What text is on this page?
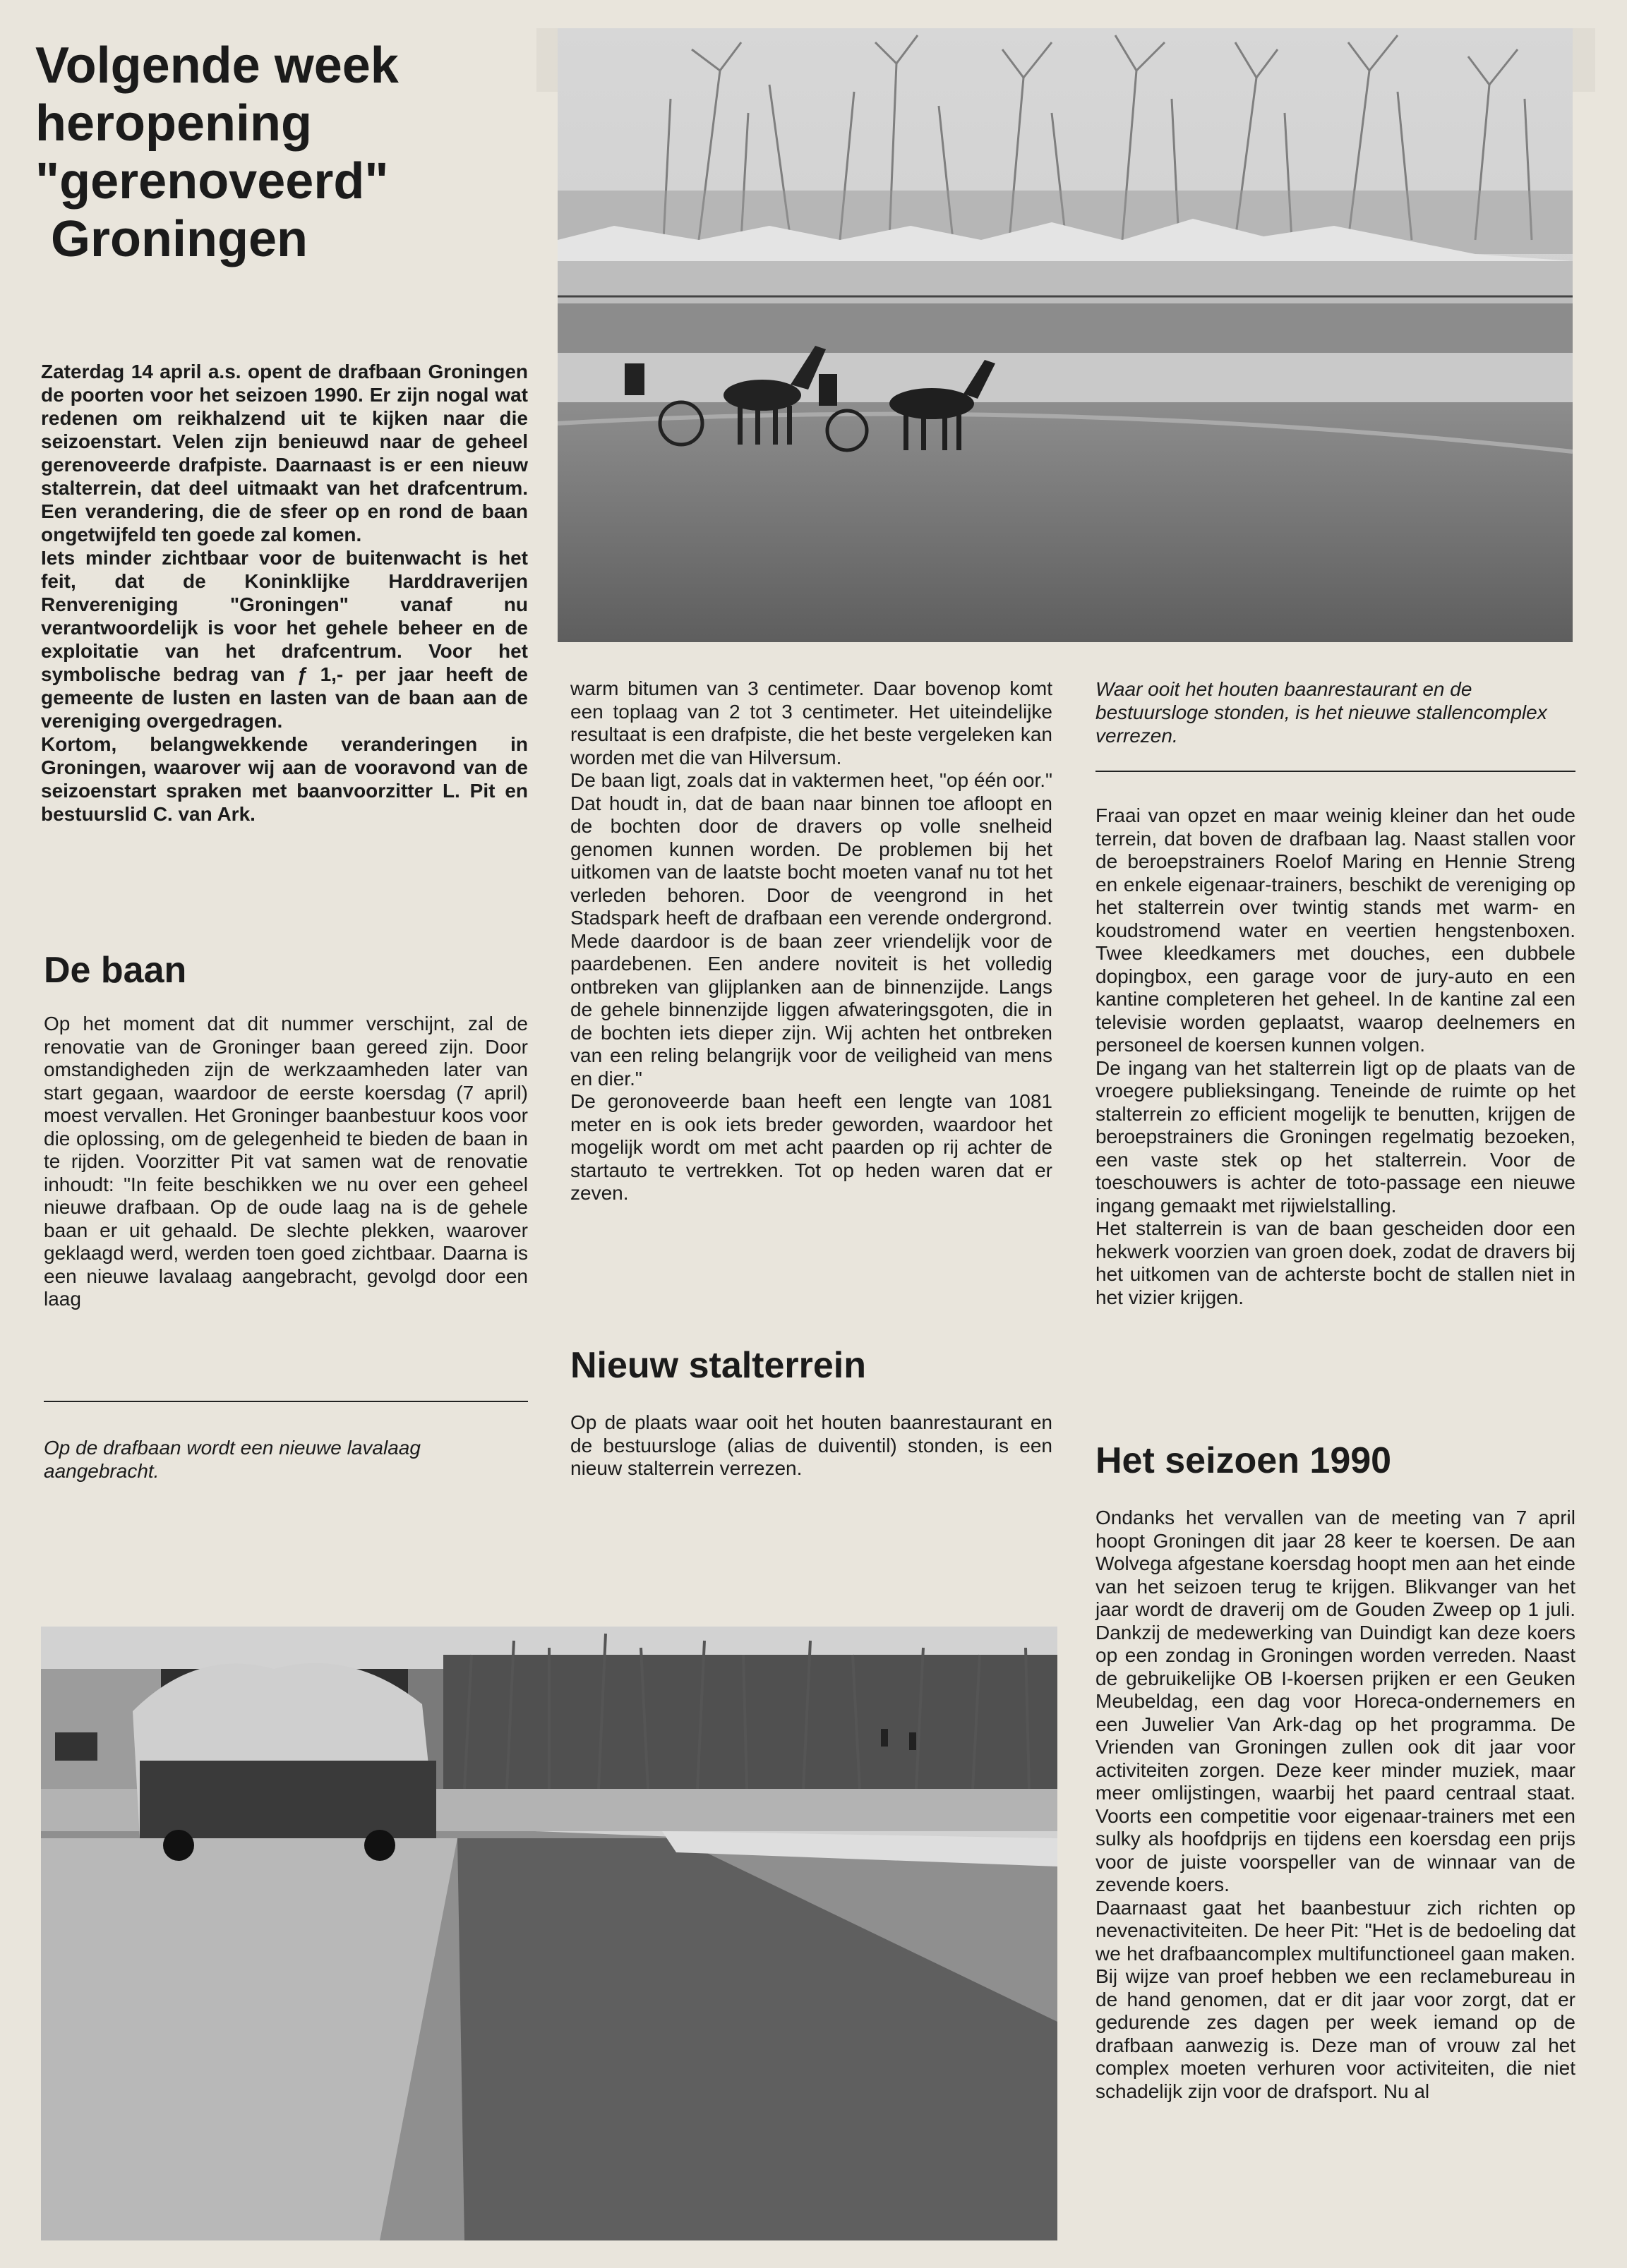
Volgende week
heropening
"gerenoveerd"
Groningen
Waar ooit het houten baanrestaurant en de bestuursloge stonden, is het nieuwe stallencomplex verrezen.

Zaterdag 14 april a.s. opent de drafbaan Groningen de poorten voor het seizoen 1990. Er zijn nogal wat redenen om reikhalzend uit te kijken naar die seizoenstart. Velen zijn benieuwd naar de geheel gerenoveerde drafpiste. Daarnaast is er een nieuw stalterrein, dat deel uitmaakt van het drafcentrum. Een verandering, die de sfeer op en rond de baan ongetwijfeld ten goede zal komen.

Iets minder zichtbaar voor de buitenwacht is het feit, dat de Koninklijke Harddraverijen Renvereniging "Groningen" vanaf nu verantwoordelijk is voor het gehele beheer en de exploitatie van het drafcentrum. Voor het symbolische bedrag van ƒ 1,- per jaar heeft de gemeente de lusten en lasten van de baan aan de vereniging overgedragen.

Kortom, belangwekkende veranderingen in Groningen, waarover wij aan de vooravond van de seizoenstart spraken met baanvoorzitter L. Pit en bestuurslid C. van Ark.

De baan

Op het moment dat dit nummer verschijnt, zal de renovatie van de Groninger baan gereed zijn. Door omstandigheden zijn de werkzaamheden later van start gegaan, waardoor de eerste koersdag (7 april) moest vervallen. Het Groninger baanbestuur koos voor die oplossing, om de gelegenheid te bieden de baan in te rijden. Voorzitter Pit vat samen wat de renovatie inhoudt: "In feite beschikken we nu over een geheel nieuwe drafbaan. Op de oude laag na is de gehele baan er uit gehaald. De slechte plekken, waarover geklaagd werd, werden toen goed zichtbaar. Daarna is een nieuwe lavalaag aangebracht, gevolgd door een laag

Op de drafbaan wordt een nieuwe lavalaag aangebracht.

warm bitumen van 3 centimeter. Daar bovenop komt een toplaag van 2 tot 3 centimeter. Het uiteindelijke resultaat is een drafpiste, die het beste vergeleken kan worden met die van Hilversum.

De baan ligt, zoals dat in vaktermen heet, "op één oor." Dat houdt in, dat de baan naar binnen toe afloopt en de bochten door de dravers op volle snelheid genomen kunnen worden. De problemen bij het uitkomen van de laatste bocht moeten vanaf nu tot het verleden behoren. Door de veengrond in het Stadspark heeft de drafbaan een verende ondergrond. Mede daardoor is de baan zeer vriendelijk voor de paardebenen. Een andere noviteit is het volledig ontbreken van glijplanken aan de binnenzijde. Langs de gehele binnenzijde liggen afwateringsgoten, die in de bochten iets dieper zijn. Wij achten het ontbreken van een reling belangrijk voor de veiligheid van mens en dier."

De geronoveerde baan heeft een lengte van 1081 meter en is ook iets breder geworden, waardoor het mogelijk wordt om met acht paarden op rij achter de startauto te vertrekken. Tot op heden waren dat er zeven.

Nieuw stalterrein

Op de plaats waar ooit het houten baanrestaurant en de bestuursloge (alias de duiventil) stonden, is een nieuw stalterrein verrezen.

Fraai van opzet en maar weinig kleiner dan het oude terrein, dat boven de drafbaan lag. Naast stallen voor de beroepstrainers Roelof Maring en Hennie Streng en enkele eigenaar-trainers, beschikt de vereniging op het stalterrein over twintig stands met warm- en koudstromend water en veertien hengstenboxen. Twee kleedkamers met douches, een dubbele dopingbox, een garage voor de jury-auto en een kantine completeren het geheel. In de kantine zal een televisie worden geplaatst, waarop deelnemers en personeel de koersen kunnen volgen.

De ingang van het stalterrein ligt op de plaats van de vroegere publieksingang. Teneinde de ruimte op het stalterrein zo efficient mogelijk te benutten, krijgen de beroepstrainers die Groningen regelmatig bezoeken, een vaste stek op het stalterrein. Voor de toeschouwers is achter de toto-passage een nieuwe ingang gemaakt met rijwielstalling.

Het stalterrein is van de baan gescheiden door een hekwerk voorzien van groen doek, zodat de dravers bij het uitkomen van de achterste bocht de stallen niet in het vizier krijgen.

Het seizoen 1990

Ondanks het vervallen van de meeting van 7 april hoopt Groningen dit jaar 28 keer te koersen. De aan Wolvega afgestane koersdag hoopt men aan het einde van het seizoen terug te krijgen. Blikvanger van het jaar wordt de draverij om de Gouden Zweep op 1 juli. Dankzij de medewerking van Duindigt kan deze koers op een zondag in Groningen worden verreden. Naast de gebruikelijke OB I-koersen prijken er een Geuken Meubeldag, een dag voor Horeca-ondernemers en een Juwelier Van Ark-dag op het programma. De Vrienden van Groningen zullen ook dit jaar voor activiteiten zorgen. Deze keer minder muziek, maar meer omlijstingen, waarbij het paard centraal staat. Voorts een competitie voor eigenaar-trainers met een sulky als hoofdprijs en tijdens een koersdag een prijs voor de juiste voorspeller van de winnaar van de zevende koers.

Daarnaast gaat het baanbestuur zich richten op nevenactiviteiten. De heer Pit: "Het is de bedoeling dat we het drafbaancomplex multifunctioneel gaan maken. Bij wijze van proef hebben we een reclamebureau in de hand genomen, dat er dit jaar voor zorgt, dat er gedurende zes dagen per week iemand op de drafbaan aanwezig is. Deze man of vrouw zal het complex moeten verhuren voor activiteiten, die niet schadelijk zijn voor de drafsport. Nu al
